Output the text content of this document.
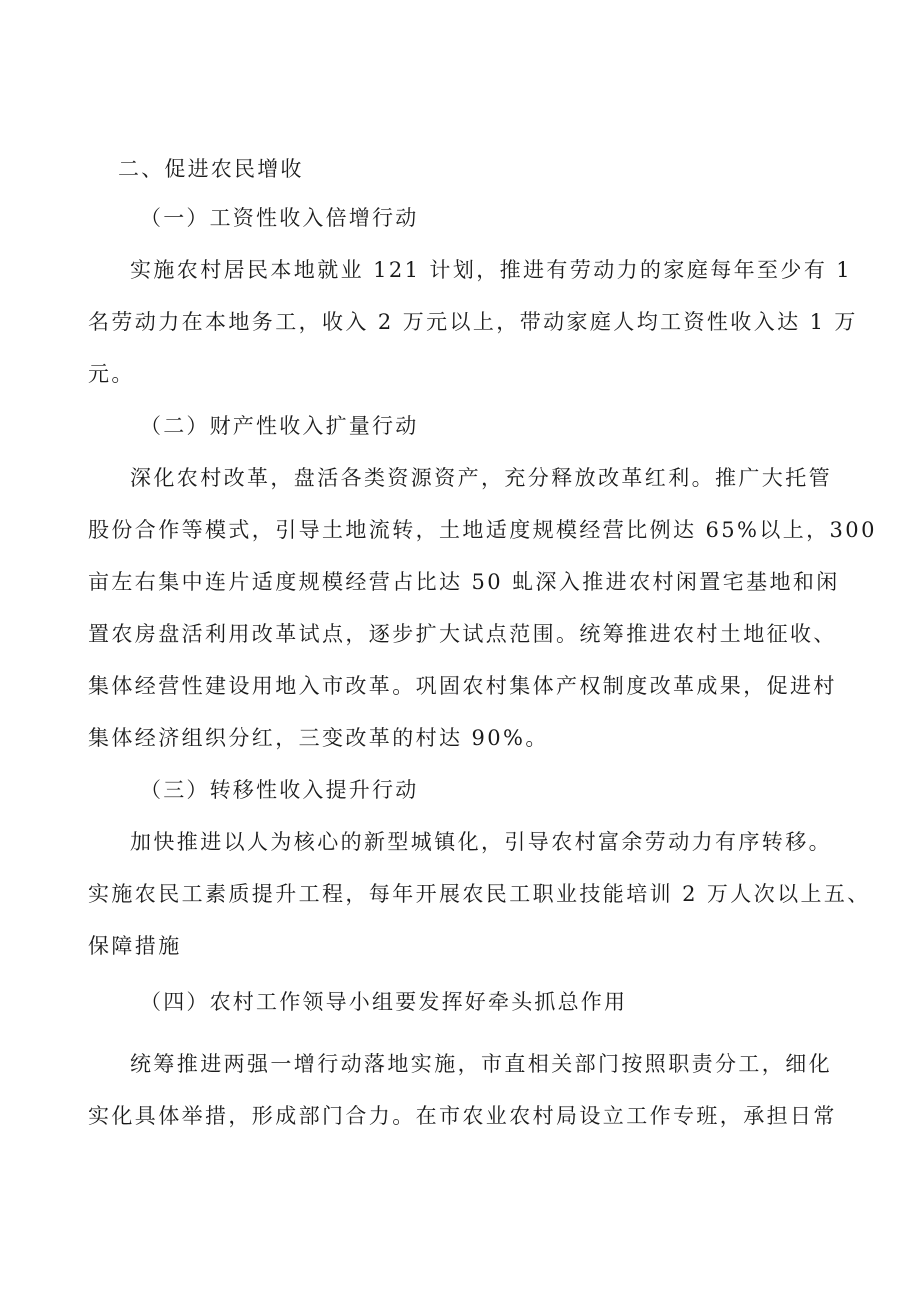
二、促进农民增收
（一）工资性收入倍增行动
实施农村居民本地就业 121 计划，推进有劳动力的家庭每年至少有 1
名劳动力在本地务工，收入 2 万元以上，带动家庭人均工资性收入达 1 万
元。
（二）财产性收入扩量行动
深化农村改革，盘活各类资源资产，充分释放改革红利。推广大托管
股份合作等模式，引导土地流转，土地适度规模经营比例达 65%以上，300
亩左右集中连片适度规模经营占比达 50 虬深入推进农村闲置宅基地和闲
置农房盘活利用改革试点，逐步扩大试点范围。统筹推进农村土地征收、
集体经营性建设用地入市改革。巩固农村集体产权制度改革成果，促进村
集体经济组织分红，三变改革的村达 90%。
（三）转移性收入提升行动
加快推进以人为核心的新型城镇化，引导农村富余劳动力有序转移。
实施农民工素质提升工程，每年开展农民工职业技能培训 2 万人次以上五、
保障措施
（四）农村工作领导小组要发挥好牵头抓总作用
统筹推进两强一增行动落地实施，市直相关部门按照职责分工，细化
实化具体举措，形成部门合力。在市农业农村局设立工作专班，承担日常
